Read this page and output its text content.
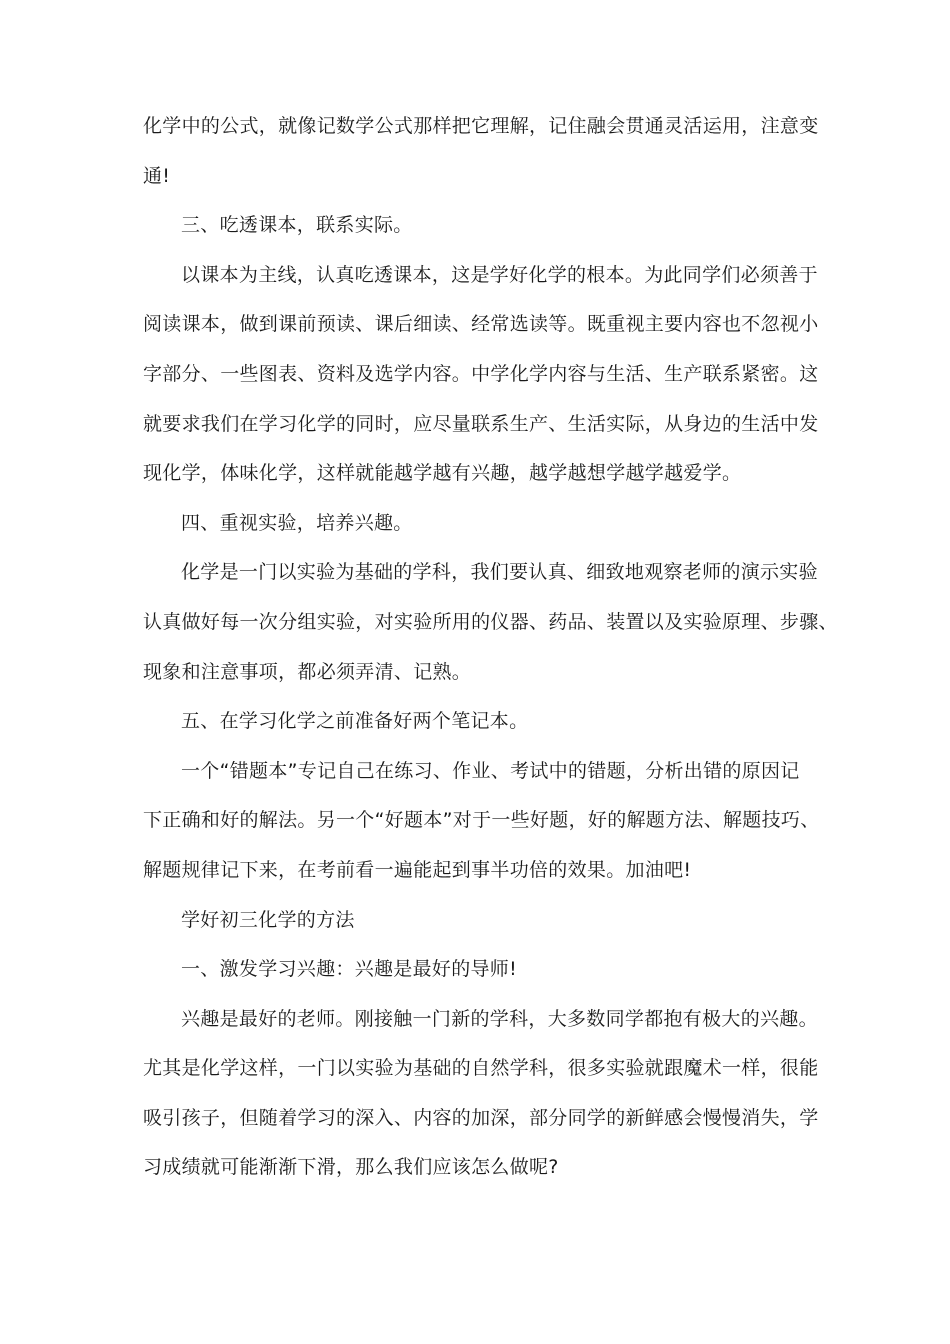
化学中的公式，就像记数学公式那样把它理解，记住融会贯通灵活运用，注意变
通!
三、吃透课本，联系实际。
以课本为主线，认真吃透课本，这是学好化学的根本。为此同学们必须善于
阅读课本，做到课前预读、课后细读、经常选读等。既重视主要内容也不忽视小
字部分、一些图表、资料及选学内容。中学化学内容与生活、生产联系紧密。这
就要求我们在学习化学的同时，应尽量联系生产、生活实际，从身边的生活中发
现化学，体味化学，这样就能越学越有兴趣，越学越想学越学越爱学。
四、重视实验，培养兴趣。
化学是一门以实验为基础的学科，我们要认真、细致地观察老师的演示实验
认真做好每一次分组实验，对实验所用的仪器、药品、装置以及实验原理、步骤、
现象和注意事项，都必须弄清、记熟。
五、在学习化学之前准备好两个笔记本。
一个“错题本”专记自己在练习、作业、考试中的错题，分析出错的原因记
下正确和好的解法。另一个“好题本”对于一些好题，好的解题方法、解题技巧、
解题规律记下来，在考前看一遍能起到事半功倍的效果。加油吧!
学好初三化学的方法
一、激发学习兴趣：兴趣是最好的导师!
兴趣是最好的老师。刚接触一门新的学科，大多数同学都抱有极大的兴趣。
尤其是化学这样，一门以实验为基础的自然学科，很多实验就跟魔术一样，很能
吸引孩子，但随着学习的深入、内容的加深，部分同学的新鲜感会慢慢消失，学
习成绩就可能渐渐下滑，那么我们应该怎么做呢?
